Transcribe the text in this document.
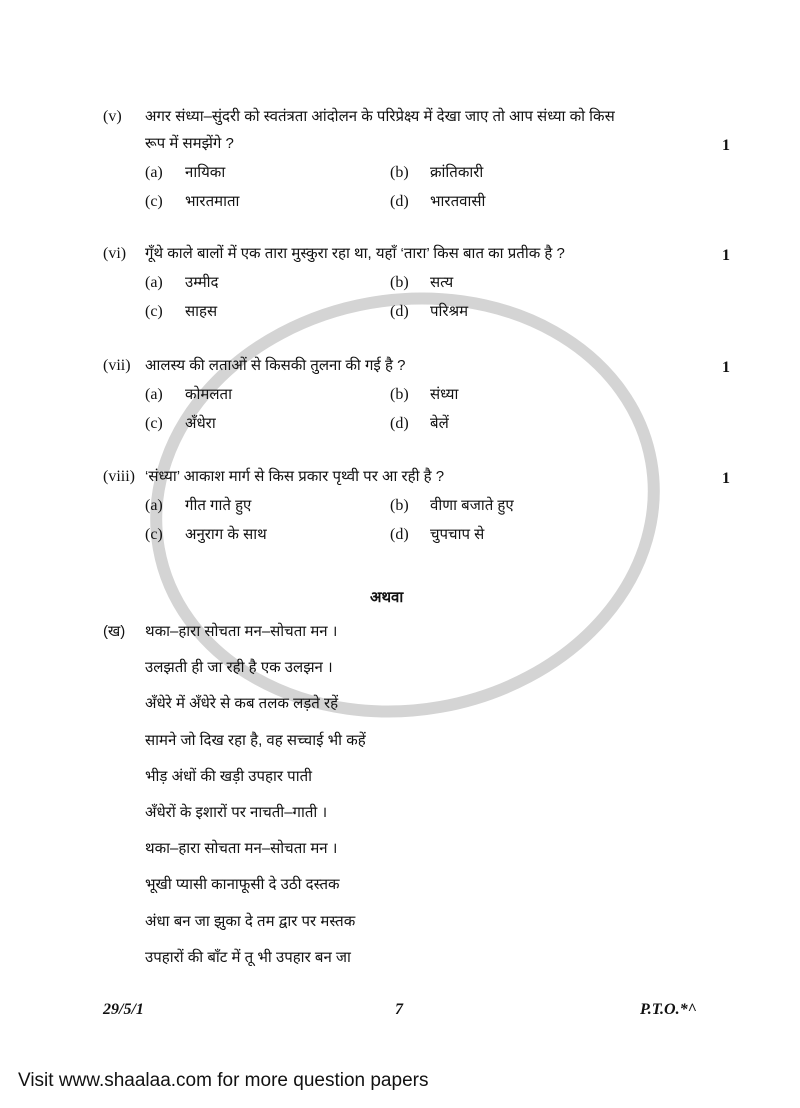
(v) अगर संध्या–सुंदरी को स्वतंत्रता आंदोलन के परिप्रेक्ष्य में देखा जाए तो आप संध्या को किस
रूप में समझेंगे ?	1
(a) नायिका	(b) क्रांतिकारी
(c) भारतमाता	(d) भारतवासी
(vi) गूँथे काले बालों में एक तारा मुस्कुरा रहा था, यहाँ ‘तारा’ किस बात का प्रतीक है ?	1
(a) उम्मीद	(b) सत्य
(c) साहस	(d) परिश्रम
(vii) आलस्य की लताओं से किसकी तुलना की गई है ?	1
(a) कोमलता	(b) संध्या
(c) अँधेरा	(d) बेलें
(viii) ‘संध्या’ आकाश मार्ग से किस प्रकार पृथ्वी पर आ रही है ?	1
(a) गीत गाते हुए	(b) वीणा बजाते हुए
(c) अनुराग के साथ	(d) चुपचाप से
अथवा
(ख) थका–हारा सोचता मन–सोचता मन ।
उलझती ही जा रही है एक उलझन ।
अँधेरे में अँधेरे से कब तलक लड़ते रहें
सामने जो दिख रहा है, वह सच्चाई भी कहें
भीड़ अंधों की खड़ी उपहार पाती
अँधेरों के इशारों पर नाचती–गाती ।
थका–हारा सोचता मन–सोचता मन ।
भूखी प्यासी कानाफूसी दे उठी दस्तक
अंधा बन जा झुका दे तम द्वार पर मस्तक
उपहारों की बाँट में तू भी उपहार बन जा
29/5/1	7	P.T.O.*^
Visit www.shaalaa.com for more question papers
